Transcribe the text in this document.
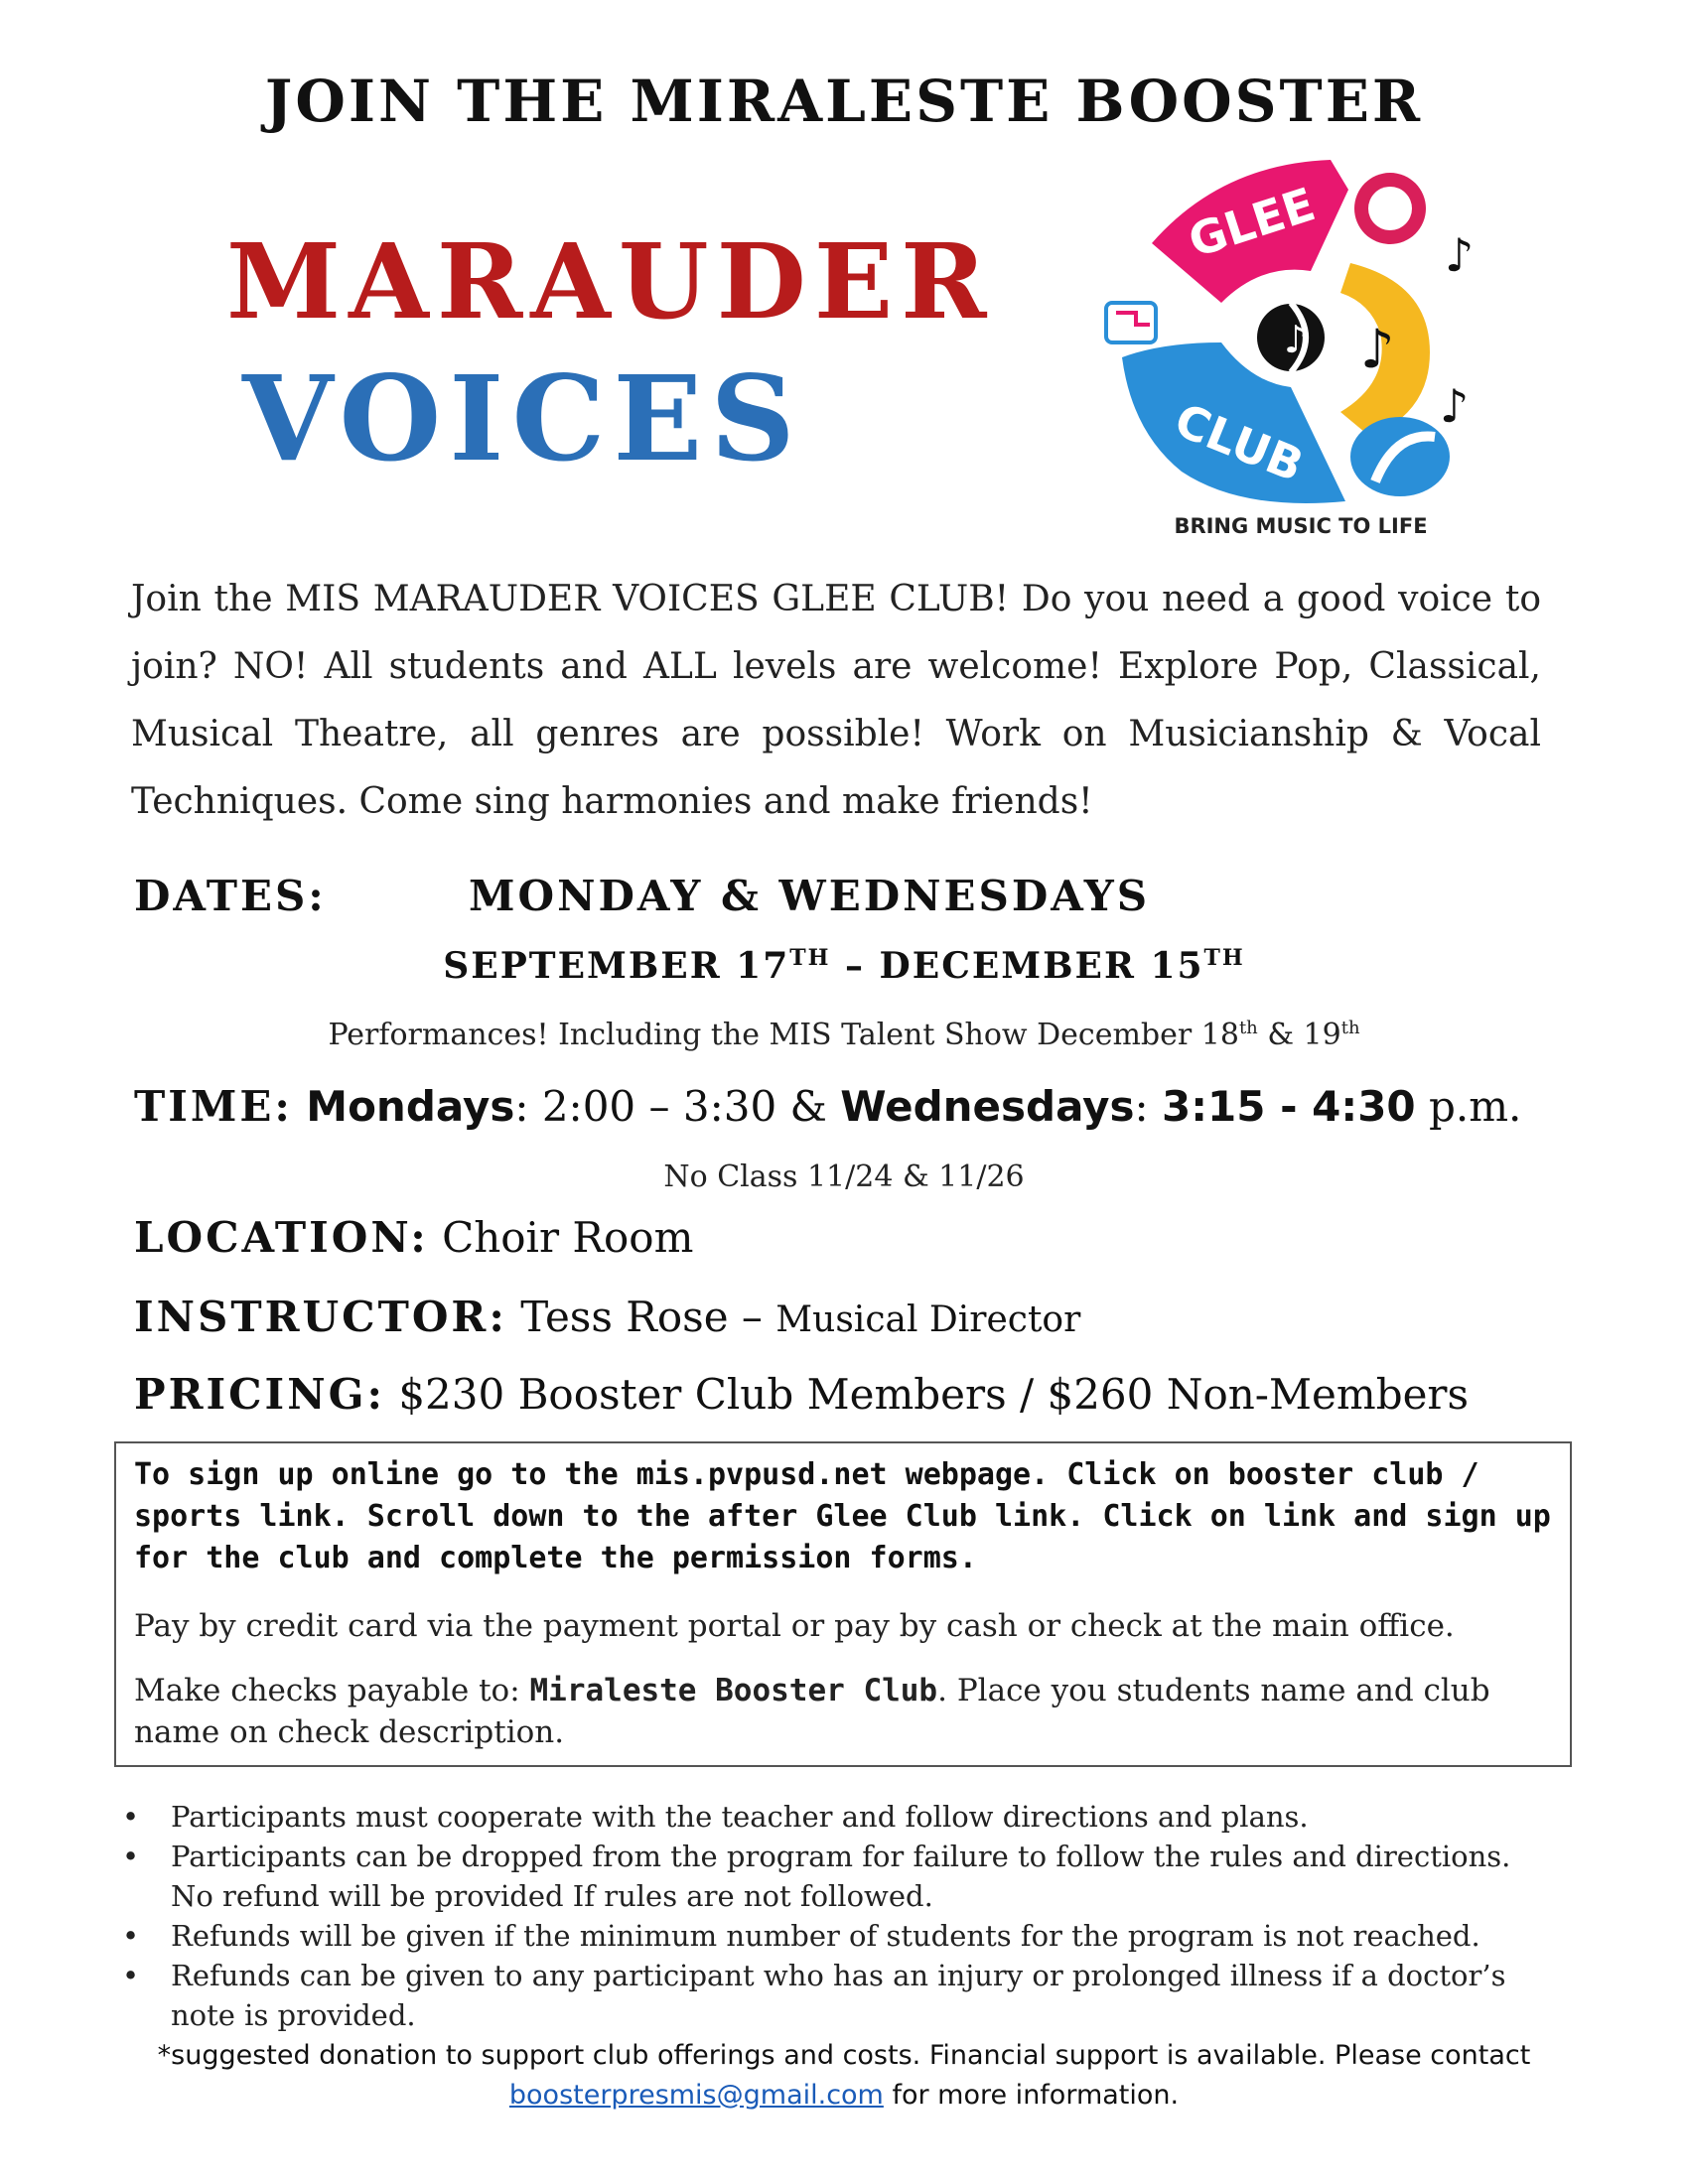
JOIN THE MIRALESTE BOOSTER
MARAUDER
VOICES
♪
♪
♪
♪
GLEE
CLUB
BRING MUSIC TO LIFE
Join the MIS MARAUDER VOICES GLEE CLUB! Do you need a good voice to join? NO! All students and ALL levels are welcome! Explore Pop, Classical, Musical Theatre, all genres are possible! Work on Musicianship & Vocal Techniques. Come sing harmonies and make friends!
DATES:	MONDAY & WEDNESDAYS
SEPTEMBER 17TH – DECEMBER 15TH
Performances! Including the MIS Talent Show December 18th & 19th
TIME: Mondays: 2:00 – 3:30 & Wednesdays: 3:15 - 4:30 p.m.
No Class 11/24 & 11/26
LOCATION: Choir Room
INSTRUCTOR: Tess Rose – Musical Director
PRICING: $230 Booster Club Members / $260 Non-Members
To sign up online go to the mis.pvpusd.net webpage. Click on booster club / sports link. Scroll down to the after Glee Club link. Click on link and sign up for the club and complete the permission forms.
Pay by credit card via the payment portal or pay by cash or check at the main office.
Make checks payable to: Miraleste Booster Club. Place you students name and club name on check description.
• Participants must cooperate with the teacher and follow directions and plans.
• Participants can be dropped from the program for failure to follow the rules and directions. No refund will be provided If rules are not followed.
• Refunds will be given if the minimum number of students for the program is not reached.
• Refunds can be given to any participant who has an injury or prolonged illness if a doctor’s note is provided.
*suggested donation to support club offerings and costs. Financial support is available. Please contact
boosterpresmis@gmail.com for more information.
